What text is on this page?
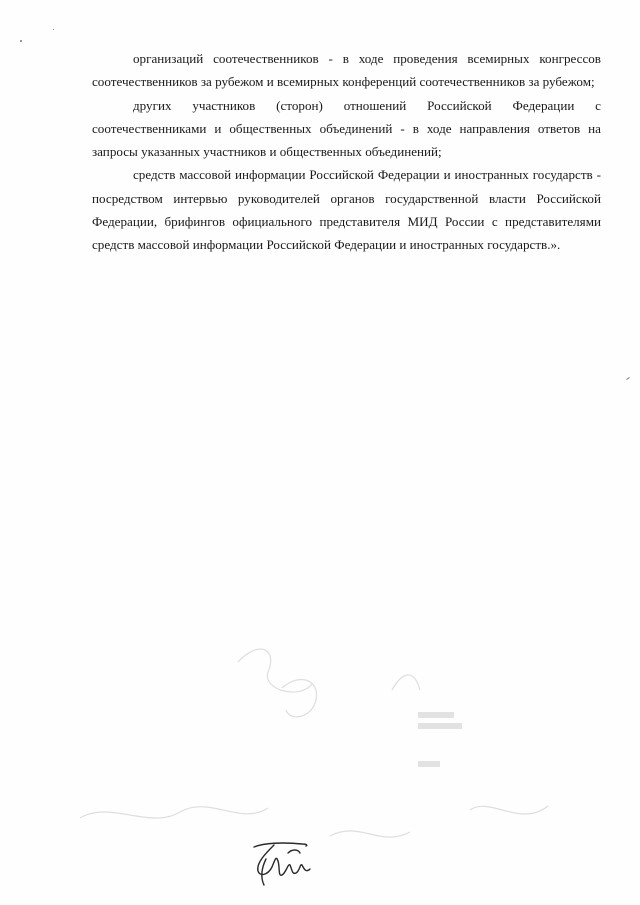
организаций соотечественников - в ходе проведения всемирных конгрессов соотечественников за рубежом и всемирных конференций соотечественников за рубежом;

других участников (сторон) отношений Российской Федерации с соотечественниками и общественных объединений - в ходе направления ответов на запросы указанных участников и общественных объединений;

средств массовой информации Российской Федерации и иностранных государств - посредством интервью руководителей органов государственной власти Российской Федерации, брифингов официального представителя МИД России с представителями средств массовой информации Российской Федерации и иностранных государств.».
